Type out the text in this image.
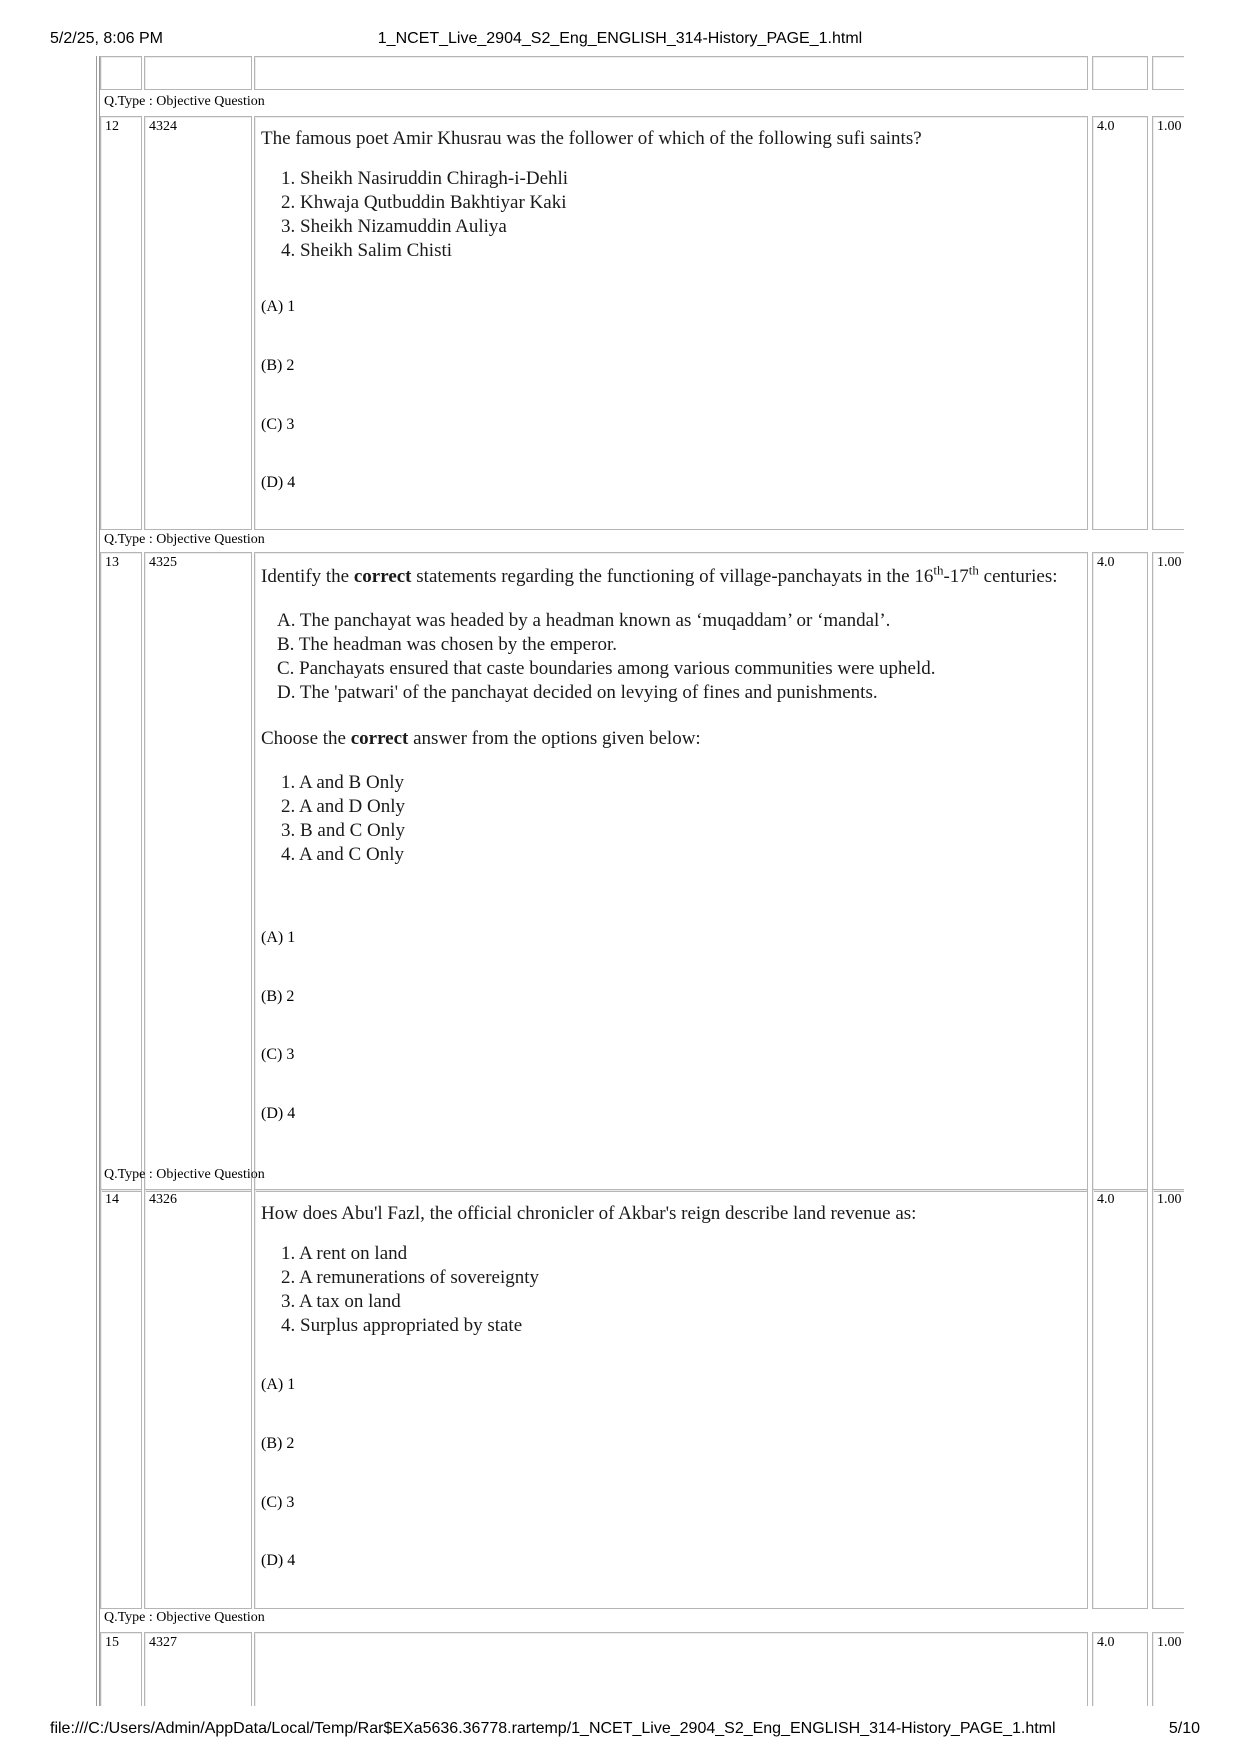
5/2/25, 8:06 PM	1_NCET_Live_2904_S2_Eng_ENGLISH_314-History_PAGE_1.html
Q.Type : Objective Question
12 4324

The famous poet Amir Khusrau was the follower of which of the following sufi saints?

1. Sheikh Nasiruddin Chiragh-i-Dehli
2. Khwaja Qutbuddin Bakhtiyar Kaki
3. Sheikh Nizamuddin Auliya
4. Sheikh Salim Chisti
(A) 1
(B) 2
(C) 3
(D) 4
4.0	1.00
Q.Type : Objective Question
13 4325

Identify the correct statements regarding the functioning of village-panchayats in the 16th-17th centuries:

A. The panchayat was headed by a headman known as ‘muqaddam’ or ‘mandal’.
B. The headman was chosen by the emperor.
C. Panchayats ensured that caste boundaries among various communities were upheld.
D. The 'patwari' of the panchayat decided on levying of fines and punishments.

Choose the correct answer from the options given below:

1. A and B Only
2. A and D Only
3. B and C Only
4. A and C Only
(A) 1
(B) 2
(C) 3
(D) 4
4.0	1.00
Q.Type : Objective Question
14 4326

How does Abu'l Fazl, the official chronicler of Akbar's reign describe land revenue as:

1. A rent on land
2. A remunerations of sovereignty
3. A tax on land
4. Surplus appropriated by state
(A) 1
(B) 2
(C) 3
(D) 4
4.0	1.00
Q.Type : Objective Question
15 4327	4.0	1.00
file:///C:/Users/Admin/AppData/Local/Temp/Rar$EXa5636.36778.rartemp/1_NCET_Live_2904_S2_Eng_ENGLISH_314-History_PAGE_1.html	5/10
